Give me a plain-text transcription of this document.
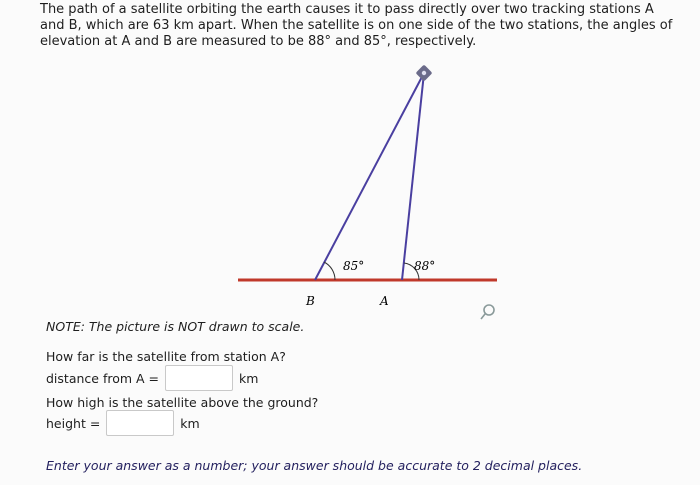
The path of a satellite orbiting the earth causes it to pass directly over two tracking stations A and B, which are 63 km apart. When the satellite is on one side of the two stations, the angles of elevation at A and B are measured to be 88° and 85°, respectively.
85°	88°
B	A
NOTE: The picture is NOT drawn to scale.
How far is the satellite from station A?
distance from A =	km
How high is the satellite above the ground?
height =	km
Enter your answer as a number; your answer should be accurate to 2 decimal places.
